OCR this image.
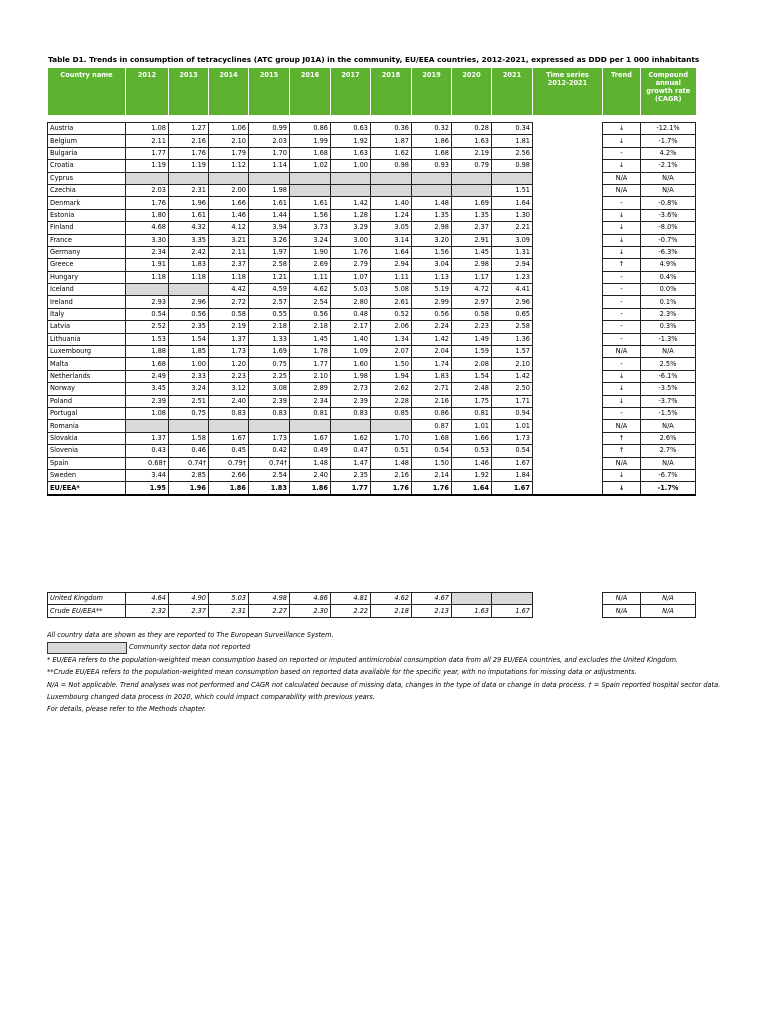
Table D1. Trends in consumption of tetracyclines (ATC group J01A) in the community, EU/EEA countries, 2012-2021, expressed as DDD per 1 000 inhabitants
Country name	2012	2013	2014	2015	2016	2017	2018	2019	2020	2021	Time series 2012-2021	Trend	Compound annual growth rate (CAGR)

Austria	1.08	1.27	1.06	0.99	0.86	0.63	0.36	0.32	0.28	0.34		↓	-12.1%
Belgium	2.11	2.16	2.10	2.03	1.99	1.92	1.87	1.86	1.63	1.81		↓	-1.7%
Bulgaria	1.77	1.76	1.79	1.70	1.68	1.63	1.62	1.68	2.19	2.56		-	4.2%
Croatia	1.19	1.19	1.12	1.14	1.02	1.00	0.98	0.93	0.79	0.98		↓	-2.1%
Cyprus												N/A	N/A
Czechia	2.03	2.31	2.00	1.98						1.51		N/A	N/A
Denmark	1.76	1.96	1.66	1.61	1.61	1.42	1.40	1.48	1.69	1.64		-	-0.8%
Estonia	1.80	1.61	1.46	1.44	1.56	1.28	1.24	1.35	1.35	1.30		↓	-3.6%
Finland	4.68	4.32	4.12	3.94	3.73	3.29	3.05	2.98	2.37	2.21		↓	-8.0%
France	3.30	3.35	3.21	3.26	3.24	3.00	3.14	3.20	2.91	3.09		↓	-0.7%
Germany	2.34	2.42	2.11	1.97	1.90	1.76	1.64	1.56	1.45	1.31		↓	-6.3%
Greece	1.91	1.83	2.37	2.58	2.69	2.79	2.94	3.04	2.98	2.94		↑	4.9%
Hungary	1.18	1.18	1.18	1.21	1.11	1.07	1.11	1.13	1.17	1.23		-	0.4%
Iceland			4.42	4.59	4.62	5.03	5.08	5.19	4.72	4.41		-	0.0%
Ireland	2.93	2.96	2.72	2.57	2.54	2.80	2.61	2.99	2.97	2.96		-	0.1%
Italy	0.54	0.56	0.58	0.55	0.56	0.48	0.52	0.56	0.58	0.65		-	2.3%
Latvia	2.52	2.35	2.19	2.18	2.18	2.17	2.06	2.24	2.23	2.58		-	0.3%
Lithuania	1.53	1.54	1.37	1.33	1.45	1.40	1.34	1.42	1.49	1.36		-	-1.3%
Luxembourg	1.88	1.85	1.73	1.69	1.78	1.09	2.07	2.04	1.59	1.57		N/A	N/A
Malta	1.68	1.00	1.20	0.75	1.77	1.60	1.50	1.74	2.08	2.10		-	2.5%
Netherlands	2.49	2.33	2.23	2.25	2.10	1.98	1.94	1.83	1.54	1.42		↓	-6.1%
Norway	3.45	3.24	3.12	3.08	2.89	2.73	2.62	2.71	2.48	2.50		↓	-3.5%
Poland	2.39	2.51	2.40	2.39	2.34	2.39	2.28	2.16	1.75	1.71		↓	-3.7%
Portugal	1.08	0.75	0.83	0.83	0.81	0.83	0.85	0.86	0.81	0.94		-	-1.5%
Romania								0.87	1.01	1.01		N/A	N/A
Slovakia	1.37	1.58	1.67	1.73	1.67	1.62	1.70	1.68	1.66	1.73		↑	2.6%
Slovenia	0.43	0.46	0.45	0.42	0.49	0.47	0.51	0.54	0.53	0.54		↑	2.7%
Spain	0.68†	0.74†	0.79†	0.74†	1.48	1.47	1.48	1.50	1.46	1.67		N/A	N/A
Sweden	3.44	2.85	2.66	2.54	2.40	2.35	2.16	2.14	1.92	1.84		↓	-6.7%
EU/EEA*	1.95	1.96	1.86	1.83	1.86	1.77	1.76	1.76	1.64	1.67		↓	-1.7%
United Kingdom	4.64	4.90	5.03	4.98	4.86	4.81	4.62	4.67				N/A	N/A
Crude EU/EEA**	2.32	2.37	2.31	2.27	2.30	2.22	2.18	2.13	1.63	1.67		N/A	N/A
All country data are shown as they are reported to The European Surveillance System.
Community sector data not reported
* EU/EEA refers to the population-weighted mean consumption based on reported or imputed antimicrobial consumption data from all 29 EU/EEA countries, and excludes the United Kingdom.
**Crude EU/EEA refers to the population-weighted mean consumption based on reported data available for the specific year, with no imputations for missing data or adjustments.
N/A = Not applicable. Trend analyses was not performed and CAGR not calculated because of missing data, changes in the type of data or change in data process. † = Spain reported hospital sector data.
Luxembourg changed data process in 2020, which could impact comparability with previous years.
For details, please refer to the Methods chapter.
